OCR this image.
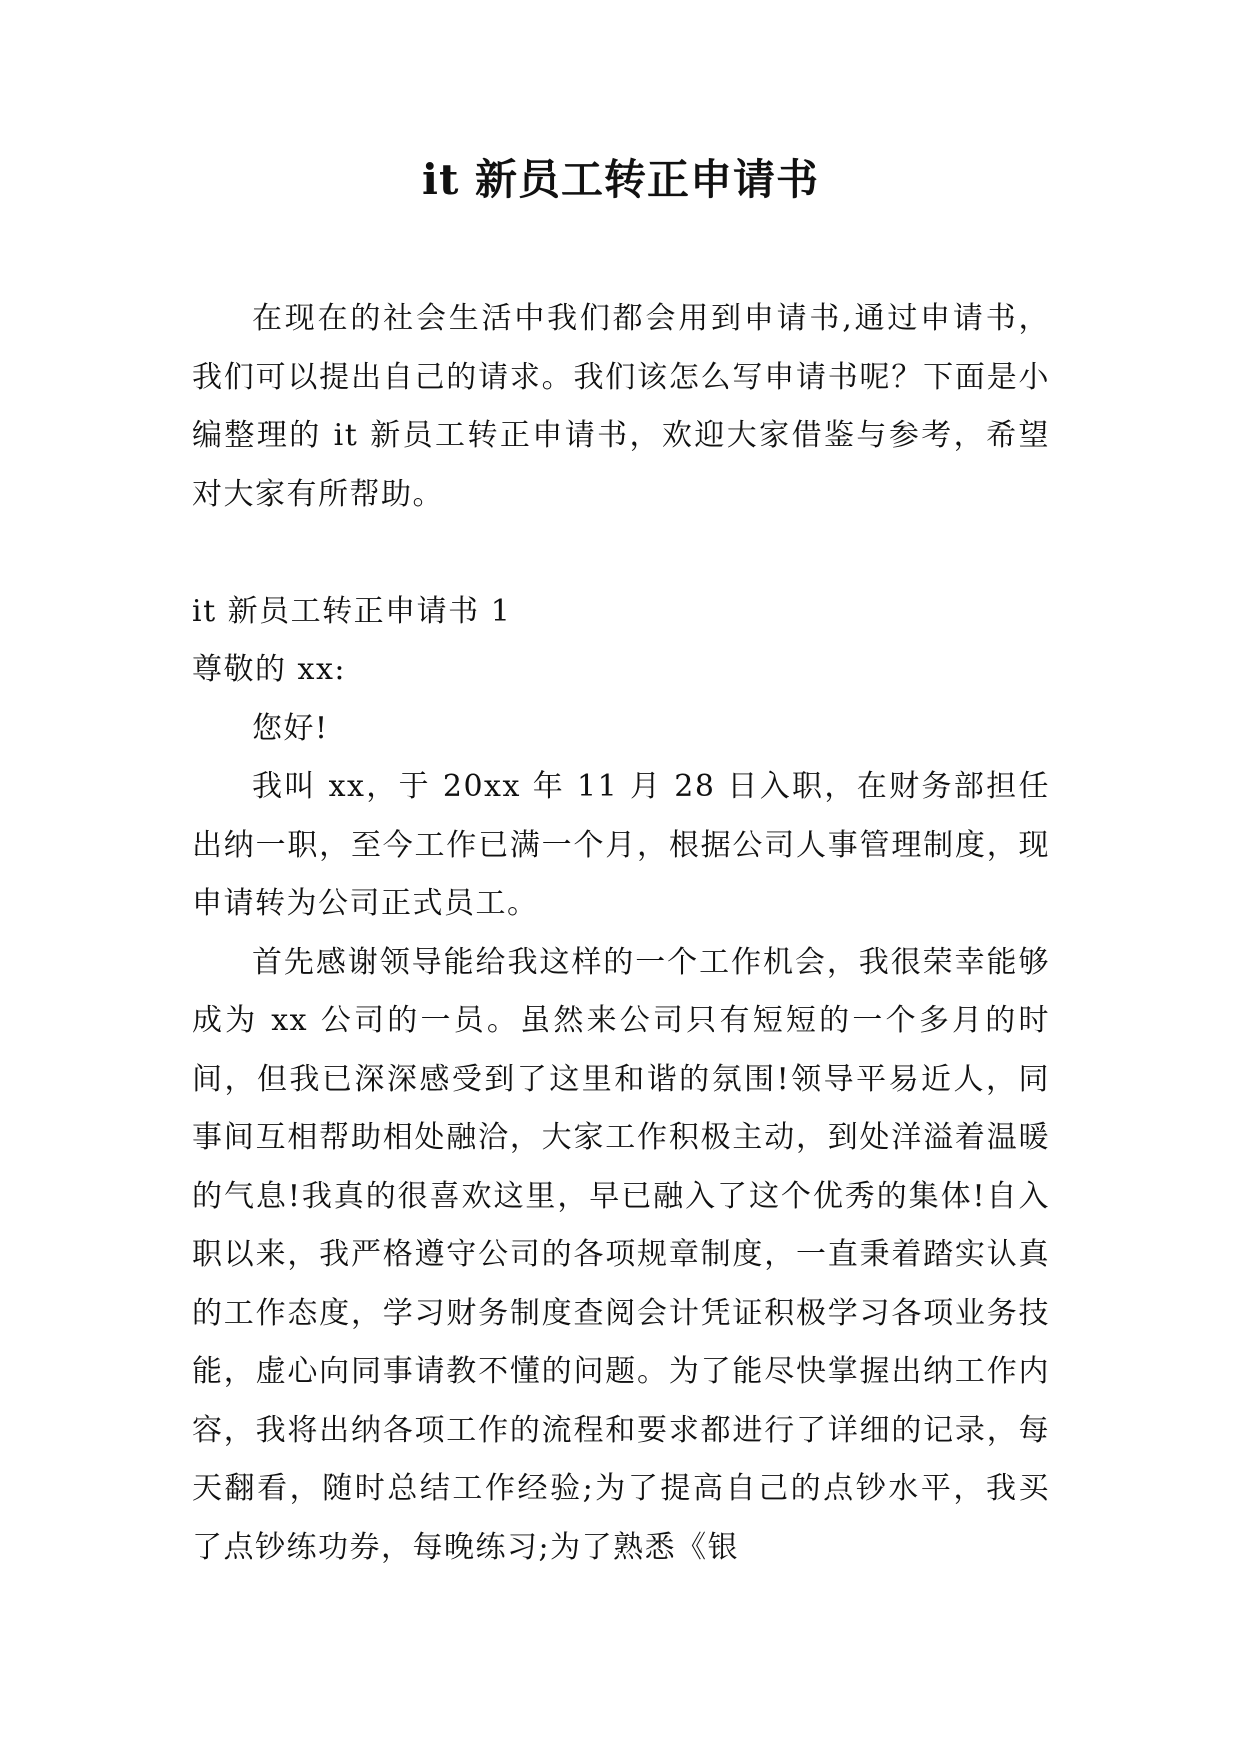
it 新员工转正申请书

在现在的社会生活中我们都会用到申请书,通过申请书，我们可以提出自己的请求。我们该怎么写申请书呢？下面是小编整理的 it 新员工转正申请书，欢迎大家借鉴与参考，希望对大家有所帮助。

it 新员工转正申请书 1

尊敬的 xx:

您好!

我叫 xx，于 20xx 年 11 月 28 日入职，在财务部担任出纳一职，至今工作已满一个月，根据公司人事管理制度，现申请转为公司正式员工。

首先感谢领导能给我这样的一个工作机会，我很荣幸能够成为 xx 公司的一员。虽然来公司只有短短的一个多月的时间，但我已深深感受到了这里和谐的氛围!领导平易近人，同事间互相帮助相处融洽，大家工作积极主动，到处洋溢着温暖的气息!我真的很喜欢这里，早已融入了这个优秀的集体!自入职以来，我严格遵守公司的各项规章制度，一直秉着踏实认真的工作态度，学习财务制度查阅会计凭证积极学习各项业务技能，虚心向同事请教不懂的问题。为了能尽快掌握出纳工作内容，我将出纳各项工作的流程和要求都进行了详细的记录，每天翻看，随时总结工作经验;为了提高自己的点钞水平，我买了点钞练功券，每晚练习;为了熟悉《银
